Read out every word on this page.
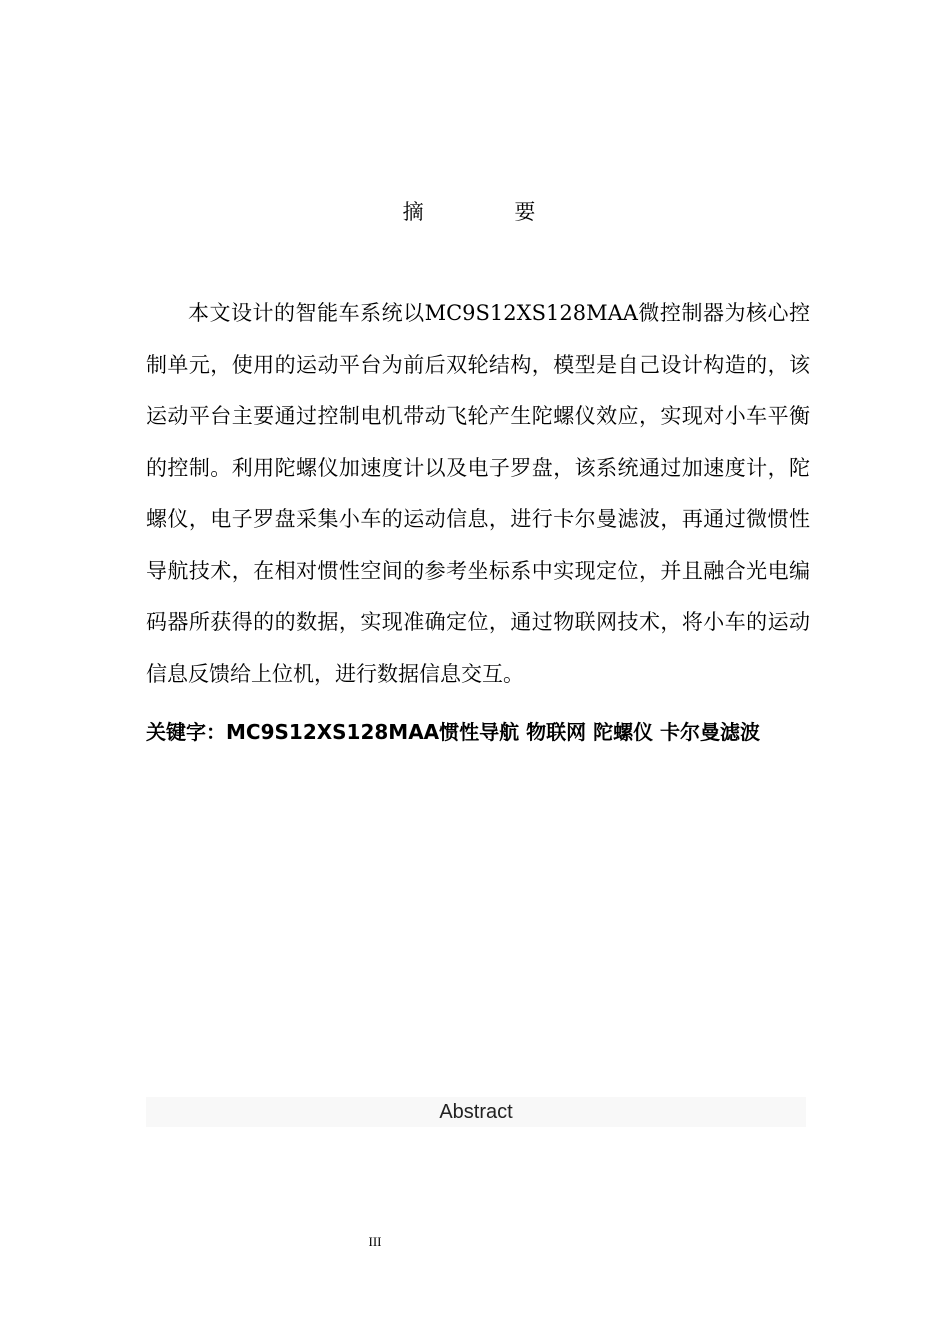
摘 要

本文设计的智能车系统以MC9S12XS128MAA微控制器为核心控制单元，使用的运动平台为前后双轮结构，模型是自己设计构造的，该运动平台主要通过控制电机带动飞轮产生陀螺仪效应，实现对小车平衡的控制。利用陀螺仪加速度计以及电子罗盘，该系统通过加速度计，陀螺仪，电子罗盘采集小车的运动信息，进行卡尔曼滤波，再通过微惯性导航技术，在相对惯性空间的参考坐标系中实现定位，并且融合光电编码器所获得的的数据，实现准确定位，通过物联网技术，将小车的运动信息反馈给上位机，进行数据信息交互。

关键字：MC9S12XS128MAA惯性导航 物联网 陀螺仪 卡尔曼滤波
Abstract
III
